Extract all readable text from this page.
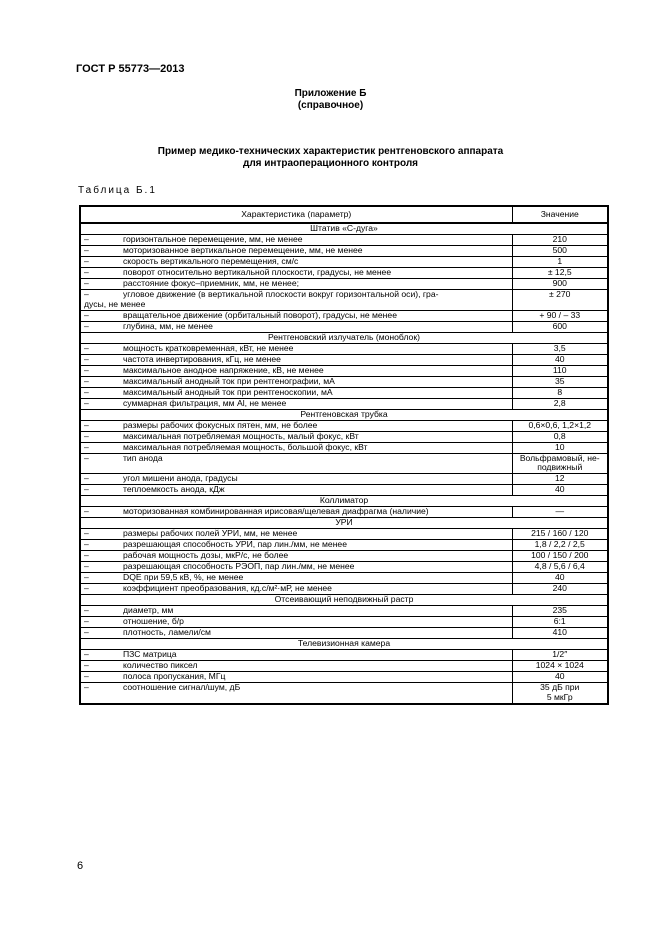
ГОСТ Р 55773—2013
Приложение Б
(справочное)
Пример медико-технических характеристик рентгеновского аппарата
для интраоперационного контроля
Таблица Б.1
Характеристика (параметр)	Значение
Штатив «С-дуга»	
– горизонтальное перемещение, мм, не менее	210
– моторизованное вертикальное перемещение, мм, не менее	500
– скорость вертикального перемещения, см/с	1
– поворот относительно вертикальной плоскости, градусы, не менее	± 12,5
– расстояние фокус–приемник, мм, не менее;	900
– угловое движение (в вертикальной плоскости вокруг горизонтальной оси), гра-
дусы, не менее	± 270
– вращательное движение (орбитальный поворот), градусы, не менее	+ 90 / – 33
– глубина, мм, не менее	600
Рентгеновский излучатель (моноблок)	
– мощность кратковременная, кВт, не менее	3,5
– частота инвертирования, кГц, не менее	40
– максимальное анодное напряжение, кВ, не менее	110
– максимальный анодный ток при рентгенографии, мА	35
– максимальный анодный ток при рентгеноскопии, мА	8
– суммарная фильтрация, мм Al, не менее	2,8
Рентгеновская трубка	
– размеры рабочих фокусных пятен, мм, не более	0,6×0,6, 1,2×1,2
– максимальная потребляемая мощность, малый фокус, кВт	0,8
– максимальная потребляемая мощность, большой фокус, кВт	10
– тип анода	Вольфрамовый, не-
подвижный
– угол мишени анода, градусы	12
– теплоемкость анода, кДж	40
Коллиматор	
– моторизованная комбинированная ирисовая/щелевая диафрагма (наличие)	—
УРИ	
– размеры рабочих полей УРИ, мм, не менее	215 / 160 / 120
– разрешающая способность УРИ, пар лин./мм, не менее	1,8 / 2,2 / 2,5
– рабочая мощность дозы, мкР/с, не более	100 / 150 / 200
– разрешающая способность РЭОП, пар лин./мм, не менее	4,8 / 5,6 / 6,4
– DQE при 59,5 кВ, %, не менее	40
– коэффициент преобразования, кд.с/м²·мР, не менее	240
Отсеивающий неподвижный растр	
– диаметр, мм	235
– отношение, б/р	6:1
– плотность, ламели/см	410
Телевизионная камера	
– ПЗС матрица	1/2″
– количество пиксел	1024 × 1024
– полоса пропускания, МГц	40
– соотношение сигнал/шум, дБ	35 дБ при
5 мкГр
6
